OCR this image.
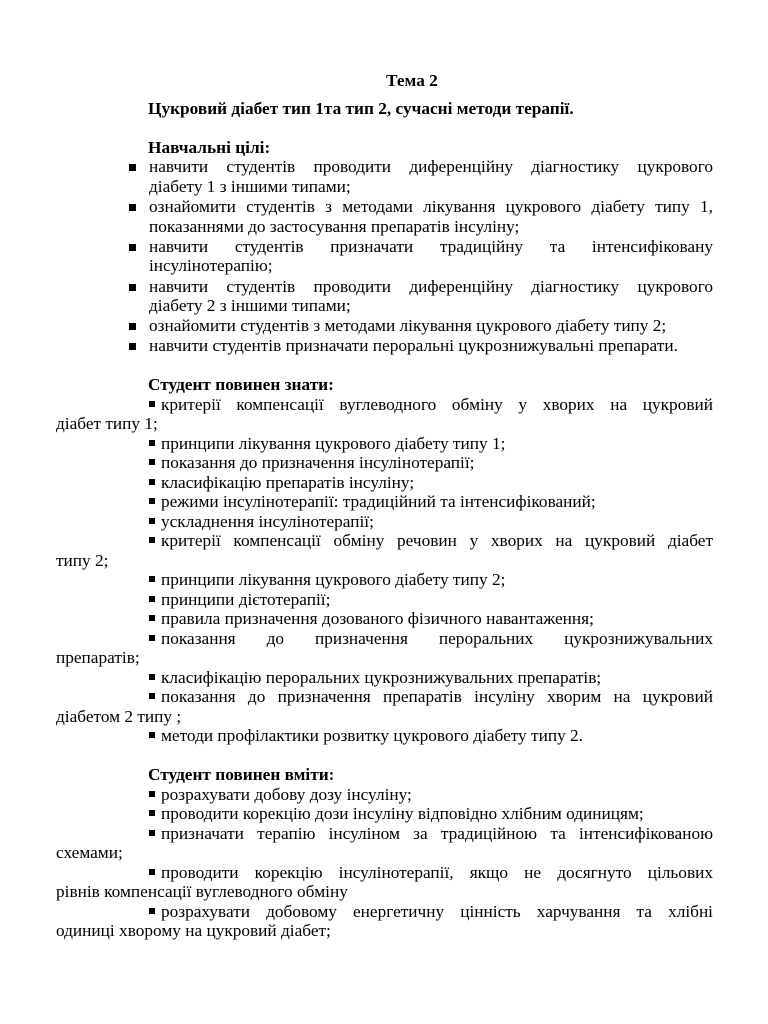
Тема 2
Цукровий діабет тип 1та тип 2, сучасні методи терапії.
Навчальні цілі:
навчити студентів проводити диференційну діагностику цукрового
діабету 1 з іншими типами;
ознайомити студентів з методами лікування цукрового діабету типу 1,
показаннями до застосування препаратів інсуліну;
навчити студентів призначати традиційну та інтенсифіковану
інсулінотерапію;
навчити студентів проводити диференційну діагностику цукрового
діабету 2 з іншими типами;
ознайомити студентів з методами лікування цукрового діабету типу 2;
навчити студентів призначати пероральні цукрознижувальні препарати.
Студент повинен знати:
критерії компенсації вуглеводного обміну у хворих на цукровий
діабет типу 1;
принципи лікування цукрового діабету типу 1;
показання до призначення інсулінотерапії;
класифікацію препаратів інсуліну;
режими інсулінотерапії: традиційний та інтенсифікований;
ускладнення інсулінотерапії;
критерії компенсації обміну речовин у хворих на цукровий діабет
типу 2;
принципи лікування цукрового діабету типу 2;
принципи дієтотерапії;
правила призначення дозованого фізичного навантаження;
показання до призначення пероральних цукрознижувальних
препаратів;
класифікацію пероральних цукрознижувальних препаратів;
показання до призначення препаратів інсуліну хворим на цукровий
діабетом 2 типу ;
методи профілактики розвитку цукрового діабету типу 2.
Студент повинен вміти:
розрахувати добову дозу інсуліну;
проводити корекцію дози інсуліну відповідно хлібним одиницям;
призначати терапію інсуліном за традиційною та інтенсифікованою
схемами;
проводити корекцію інсулінотерапії, якщо не досягнуто цільових
рівнів компенсації вуглеводного обміну
розрахувати добовому енергетичну цінність харчування та хлібні
одиниці хворому на цукровий діабет;
